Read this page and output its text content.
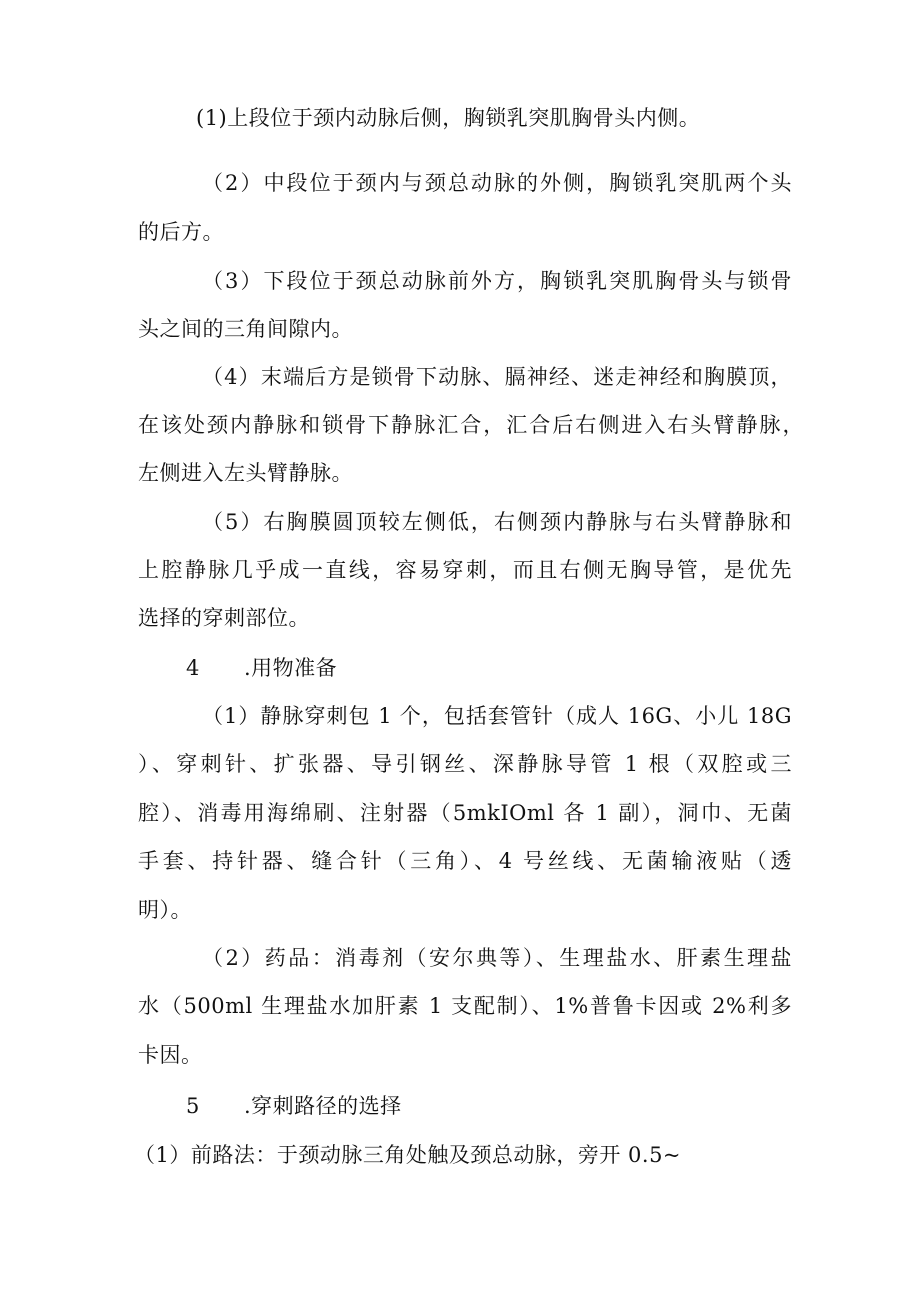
(1)上段位于颈内动脉后侧，胸锁乳突肌胸骨头内侧。
（2）中段位于颈内与颈总动脉的外侧，胸锁乳突肌两个头
的后方。
（3）下段位于颈总动脉前外方，胸锁乳突肌胸骨头与锁骨
头之间的三角间隙内。
（4）末端后方是锁骨下动脉、膈神经、迷走神经和胸膜顶，
在该处颈内静脉和锁骨下静脉汇合，汇合后右侧进入右头臂静脉，
左侧进入左头臂静脉。
（5）右胸膜圆顶较左侧低，右侧颈内静脉与右头臂静脉和
上腔静脉几乎成一直线，容易穿刺，而且右侧无胸导管，是优先
选择的穿刺部位。
4 .用物准备
（1）静脉穿刺包 1 个，包括套管针（成人 16G、小儿 18G
）、穿刺针、扩张器、导引钢丝、深静脉导管 1 根（双腔或三
腔）、消毒用海绵刷、注射器（5mkIOml 各 1 副），洞巾、无菌
手套、持针器、缝合针（三角）、4 号丝线、无菌输液贴（透
明）。
（2）药品：消毒剂（安尔典等）、生理盐水、肝素生理盐
水（500ml 生理盐水加肝素 1 支配制）、1%普鲁卡因或 2%利多
卡因。
5 .穿刺路径的选择
（1）前路法：于颈动脉三角处触及颈总动脉，旁开 0.5~
